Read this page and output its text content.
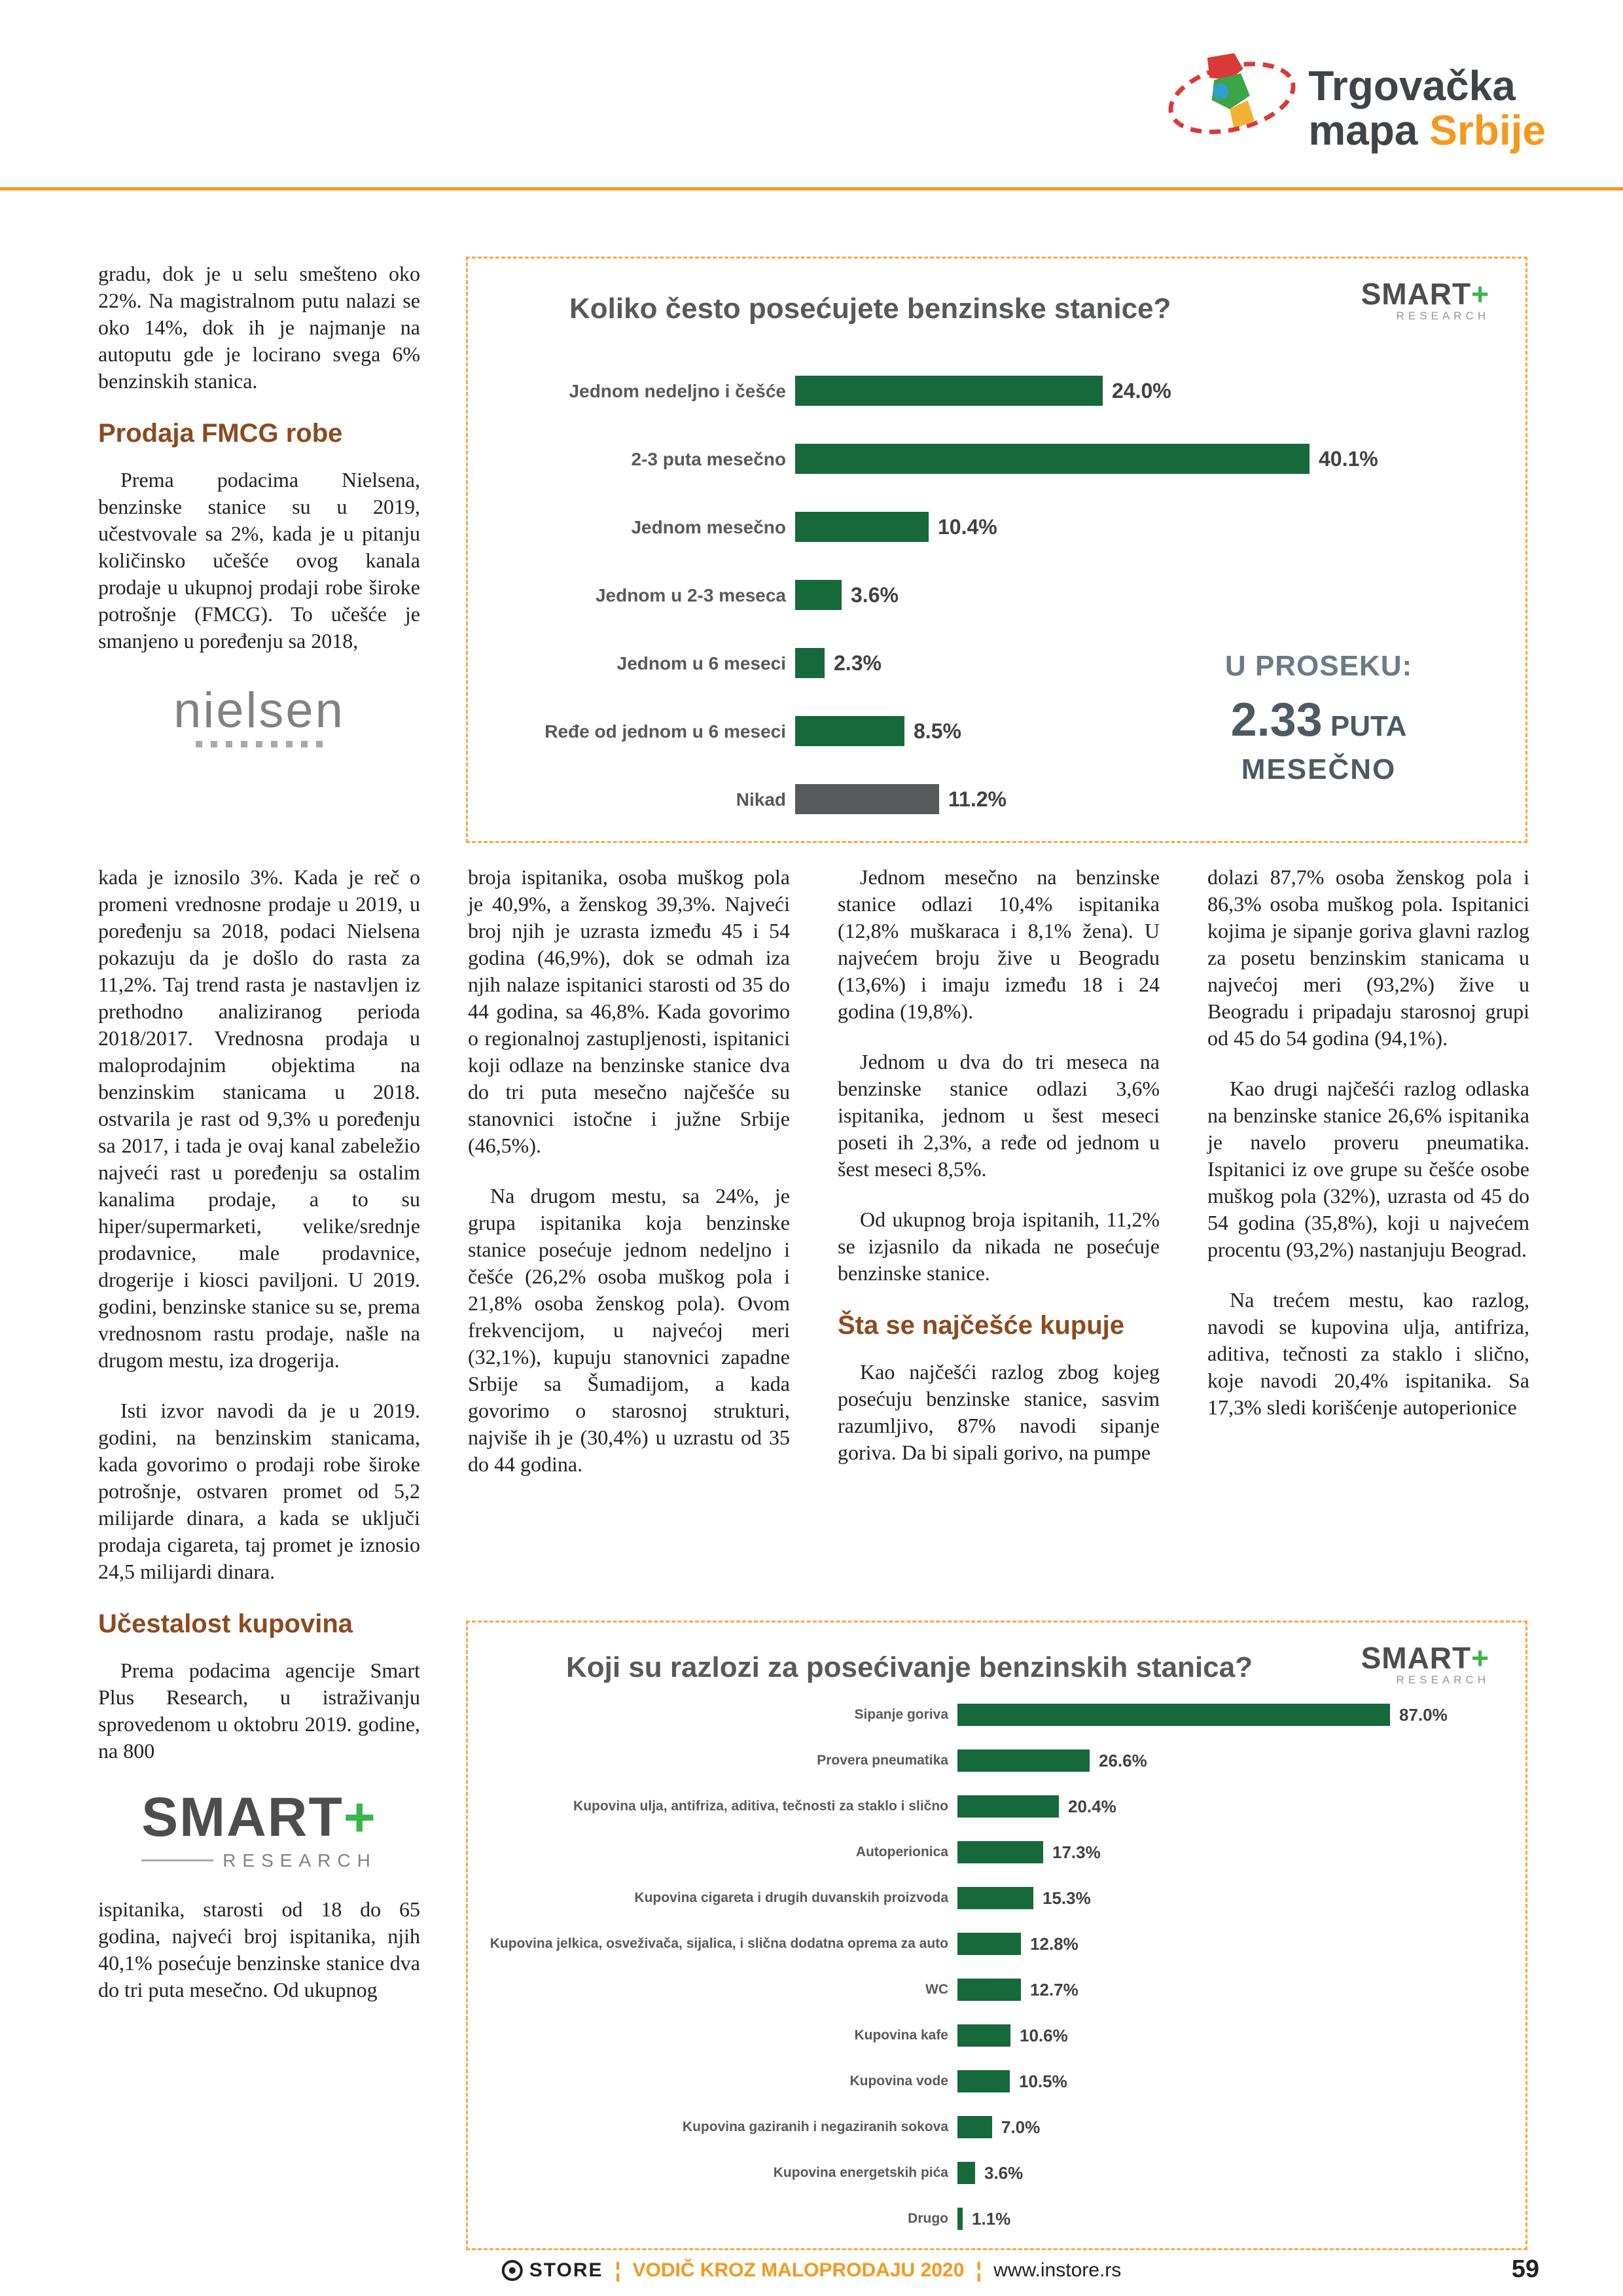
Trgovačka
mapa Srbije

gradu, dok je u selu smešteno oko 22%. Na magistralnom putu nalazi se oko 14%, dok ih je najmanje na autoputu gde je locirano svega 6% benzinskih stanica.

Prodaja FMCG robe

Prema podacima Nielsena, benzinske stanice su u 2019, učestvovale sa 2%, kada je u pitanju količinsko učešće ovog kanala prodaje u ukupnoj prodaji robe široke potrošnje (FMCG). To učešće je smanjeno u poređenju sa 2018,

nielsen

kada je iznosilo 3%. Kada je reč o promeni vrednosne prodaje u 2019, u poređenju sa 2018, podaci Nielsena pokazuju da je došlo do rasta za 11,2%. Taj trend rasta je nastavljen iz prethodno analiziranog perioda 2018/2017. Vrednosna prodaja u maloprodajnim objektima na benzinskim stanicama u 2018. ostvarila je rast od 9,3% u poređenju sa 2017, i tada je ovaj kanal zabeležio najveći rast u poređenju sa ostalim kanalima prodaje, a to su hiper/supermarketi, velike/srednje prodavnice, male prodavnice, drogerije i kiosci paviljoni. U 2019. godini, benzinske stanice su se, prema vrednosnom rastu prodaje, našle na drugom mestu, iza drogerija.

Isti izvor navodi da je u 2019. godini, na benzinskim stanicama, kada govorimo o prodaji robe široke potrošnje, ostvaren promet od 5,2 milijarde dinara, a kada se uključi prodaja cigareta, taj promet je iznosio 24,5 milijardi dinara.

Učestalost kupovina

Prema podacima agencije Smart Plus Research, u istraživanju sprovedenom u oktobru 2019. godine, na 800

SMART+
RESEARCH

ispitanika, starosti od 18 do 65 godina, najveći broj ispitanika, njih 40,1% posećuje benzinske stanice dva do tri puta mesečno. Od ukupnog

broja ispitanika, osoba muškog pola je 40,9%, a ženskog 39,3%. Najveći broj njih je uzrasta između 45 i 54 godina (46,9%), dok se odmah iza njih nalaze ispitanici starosti od 35 do 44 godina, sa 46,8%. Kada govorimo o regionalnoj zastupljenosti, ispitanici koji odlaze na benzinske stanice dva do tri puta mesečno najčešće su stanovnici istočne i južne Srbije (46,5%).

Na drugom mestu, sa 24%, je grupa ispitanika koja benzinske stanice posećuje jednom nedeljno i češće (26,2% osoba muškog pola i 21,8% osoba ženskog pola). Ovom frekvencijom, u najvećoj meri (32,1%), kupuju stanovnici zapadne Srbije sa Šumadijom, a kada govorimo o starosnoj strukturi, najviše ih je (30,4%) u uzrastu od 35 do 44 godina.

Jednom mesečno na benzinske stanice odlazi 10,4% ispitanika (12,8% muškaraca i 8,1% žena). U najvećem broju žive u Beogradu (13,6%) i imaju između 18 i 24 godina (19,8%).

Jednom u dva do tri meseca na benzinske stanice odlazi 3,6% ispitanika, jednom u šest meseci poseti ih 2,3%, a ređe od jednom u šest meseci 8,5%.

Od ukupnog broja ispitanih, 11,2% se izjasnilo da nikada ne posećuje benzinske stanice.

Šta se najčešće kupuje

Kao najčešći razlog zbog kojeg posećuju benzinske stanice, sasvim razumljivo, 87% navodi sipanje goriva. Da bi sipali gorivo, na pumpe

dolazi 87,7% osoba ženskog pola i 86,3% osoba muškog pola. Ispitanici kojima je sipanje goriva glavni razlog za posetu benzinskim stanicama u najvećoj meri (93,2%) žive u Beogradu i pripadaju starosnoj grupi od 45 do 54 godina (94,1%).

Kao drugi najčešći razlog odlaska na benzinske stanice 26,6% ispitanika je navelo proveru pneumatika. Ispitanici iz ove grupe su češće osobe muškog pola (32%), uzrasta od 45 do 54 godina (35,8%), koji u najvećem procentu (93,2%) nastanjuju Beograd.

Na trećem mestu, kao razlog, navodi se kupovina ulja, antifriza, aditiva, tečnosti za staklo i slično, koje navodi 20,4% ispitanika. Sa 17,3% sledi korišćenje autoperionice

Koliko često posećujete benzinske stanice?	SMART+
RESEARCH
Jednom nedeljno i češće	24.0%
2-3 puta mesečno	40.1%
Jednom mesečno	10.4%
Jednom u 2-3 meseca	3.6%
Jednom u 6 meseci	2.3%
Ređe od jednom u 6 meseci	8.5%
Nikad	11.2%
U PROSEKU:
2.33 PUTA
MESEČNO
Koji su razlozi za posećivanje benzinskih stanica?	SMART+
RESEARCH
Sipanje goriva	87.0%
Provera pneumatika	26.6%
Kupovina ulja, antifriza, aditiva, tečnosti za staklo i slično	20.4%
Autoperionica	17.3%
Kupovina cigareta i drugih duvanskih proizvoda	15.3%
Kupovina jelkica, osveživača, sijalica, i slična dodatna oprema za auto	12.8%
WC	12.7%
Kupovina kafe	10.6%
Kupovina vode	10.5%
Kupovina gaziranih i negaziranih sokova	7.0%
Kupovina energetskih pića	3.6%
Drugo	1.1%
STORE ¦ VODIČ KROZ MALOPRODAJU 2020 ¦ www.instore.rs	59
